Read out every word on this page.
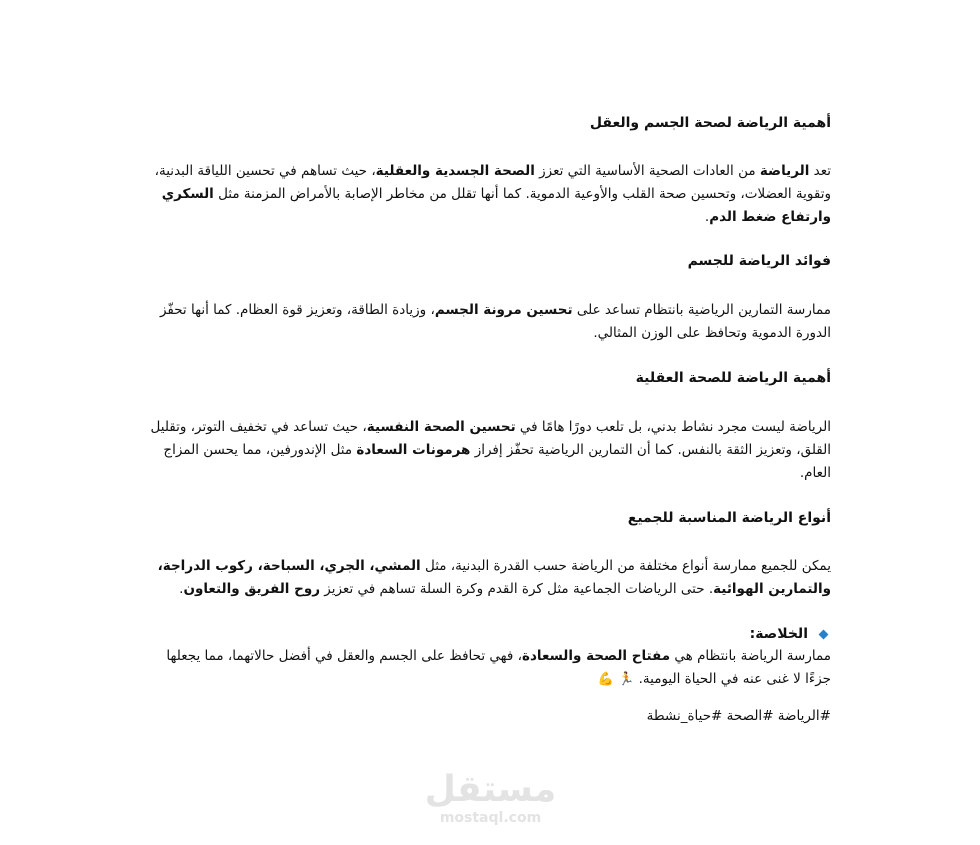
أهمية الرياضة لصحة الجسم والعقل

تعد الرياضة من العادات الصحية الأساسية التي تعزز الصحة الجسدية والعقلية، حيث تساهم في تحسين اللياقة البدنية، وتقوية العضلات، وتحسين صحة القلب والأوعية الدموية. كما أنها تقلل من مخاطر الإصابة بالأمراض المزمنة مثل السكري وارتفاع ضغط الدم.

فوائد الرياضة للجسم

ممارسة التمارين الرياضية بانتظام تساعد على تحسين مرونة الجسم، وزيادة الطاقة، وتعزيز قوة العظام. كما أنها تحفّز الدورة الدموية وتحافظ على الوزن المثالي.

أهمية الرياضة للصحة العقلية

الرياضة ليست مجرد نشاط بدني، بل تلعب دورًا هامًا في تحسين الصحة النفسية، حيث تساعد في تخفيف التوتر، وتقليل القلق، وتعزيز الثقة بالنفس. كما أن التمارين الرياضية تحفّز إفراز هرمونات السعادة مثل الإندورفين، مما يحسن المزاج العام.

أنواع الرياضة المناسبة للجميع

يمكن للجميع ممارسة أنواع مختلفة من الرياضة حسب القدرة البدنية، مثل المشي، الجري، السباحة، ركوب الدراجة، والتمارين الهوائية. حتى الرياضات الجماعية مثل كرة القدم وكرة السلة تساهم في تعزيز روح الفريق والتعاون.

الخلاصة:

ممارسة الرياضة بانتظام هي مفتاح الصحة والسعادة، فهي تحافظ على الجسم والعقل في أفضل حالاتهما، مما يجعلها جزءًا لا غنى عنه في الحياة اليومية. 🏃 💪

#الرياضة #الصحة #حياة_نشطة

مستقل
mostaql.com
